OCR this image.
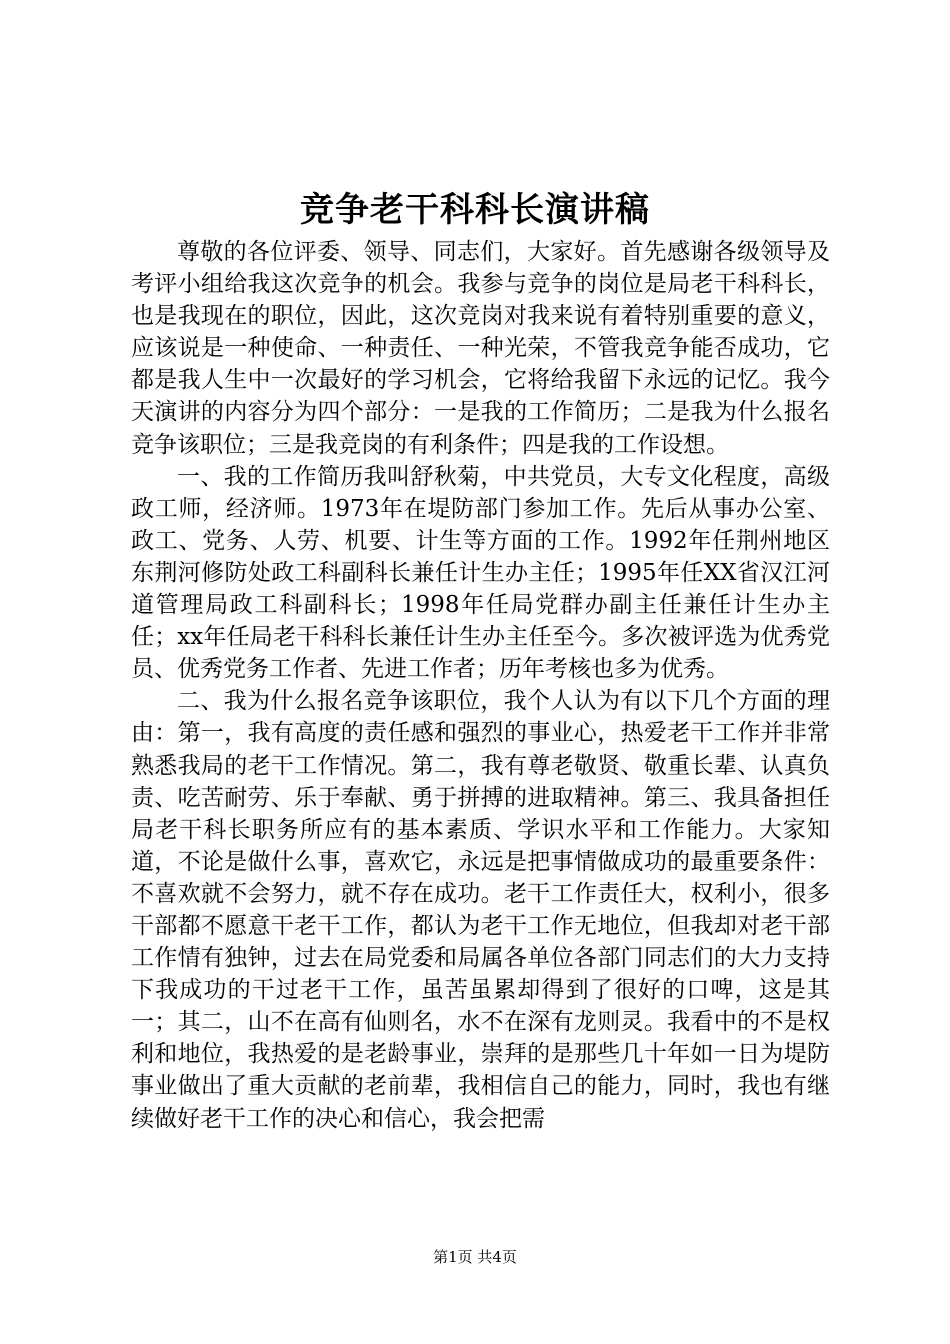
竞争老干科科长演讲稿

尊敬的各位评委、领导、同志们，大家好。首先感谢各级领导及考评小组给我这次竞争的机会。我参与竞争的岗位是局老干科科长，也是我现在的职位，因此，这次竞岗对我来说有着特别重要的意义，应该说是一种使命、一种责任、一种光荣，不管我竞争能否成功，它都是我人生中一次最好的学习机会，它将给我留下永远的记忆。我今天演讲的内容分为四个部分：一是我的工作简历；二是我为什么报名竞争该职位；三是我竞岗的有利条件；四是我的工作设想。

一、我的工作简历我叫舒秋菊，中共党员，大专文化程度，高级政工师，经济师。1973年在堤防部门参加工作。先后从事办公室、政工、党务、人劳、机要、计生等方面的工作。1992年任荆州地区东荆河修防处政工科副科长兼任计生办主任；1995年任XX省汉江河道管理局政工科副科长；1998年任局党群办副主任兼任计生办主任；xx年任局老干科科长兼任计生办主任至今。多次被评选为优秀党员、优秀党务工作者、先进工作者；历年考核也多为优秀。

二、我为什么报名竞争该职位，我个人认为有以下几个方面的理由：第一，我有高度的责任感和强烈的事业心，热爱老干工作并非常熟悉我局的老干工作情况。第二，我有尊老敬贤、敬重长辈、认真负责、吃苦耐劳、乐于奉献、勇于拼搏的进取精神。第三、我具备担任局老干科长职务所应有的基本素质、学识水平和工作能力。大家知道，不论是做什么事，喜欢它，永远是把事情做成功的最重要条件：不喜欢就不会努力，就不存在成功。老干工作责任大，权利小，很多干部都不愿意干老干工作，都认为老干工作无地位，但我却对老干部工作情有独钟，过去在局党委和局属各单位各部门同志们的大力支持下我成功的干过老干工作，虽苦虽累却得到了很好的口啤，这是其一；其二，山不在高有仙则名，水不在深有龙则灵。我看中的不是权利和地位，我热爱的是老龄事业，崇拜的是那些几十年如一日为堤防事业做出了重大贡献的老前辈，我相信自己的能力，同时，我也有继续做好老干工作的决心和信心，我会把需

第1页 共4页
